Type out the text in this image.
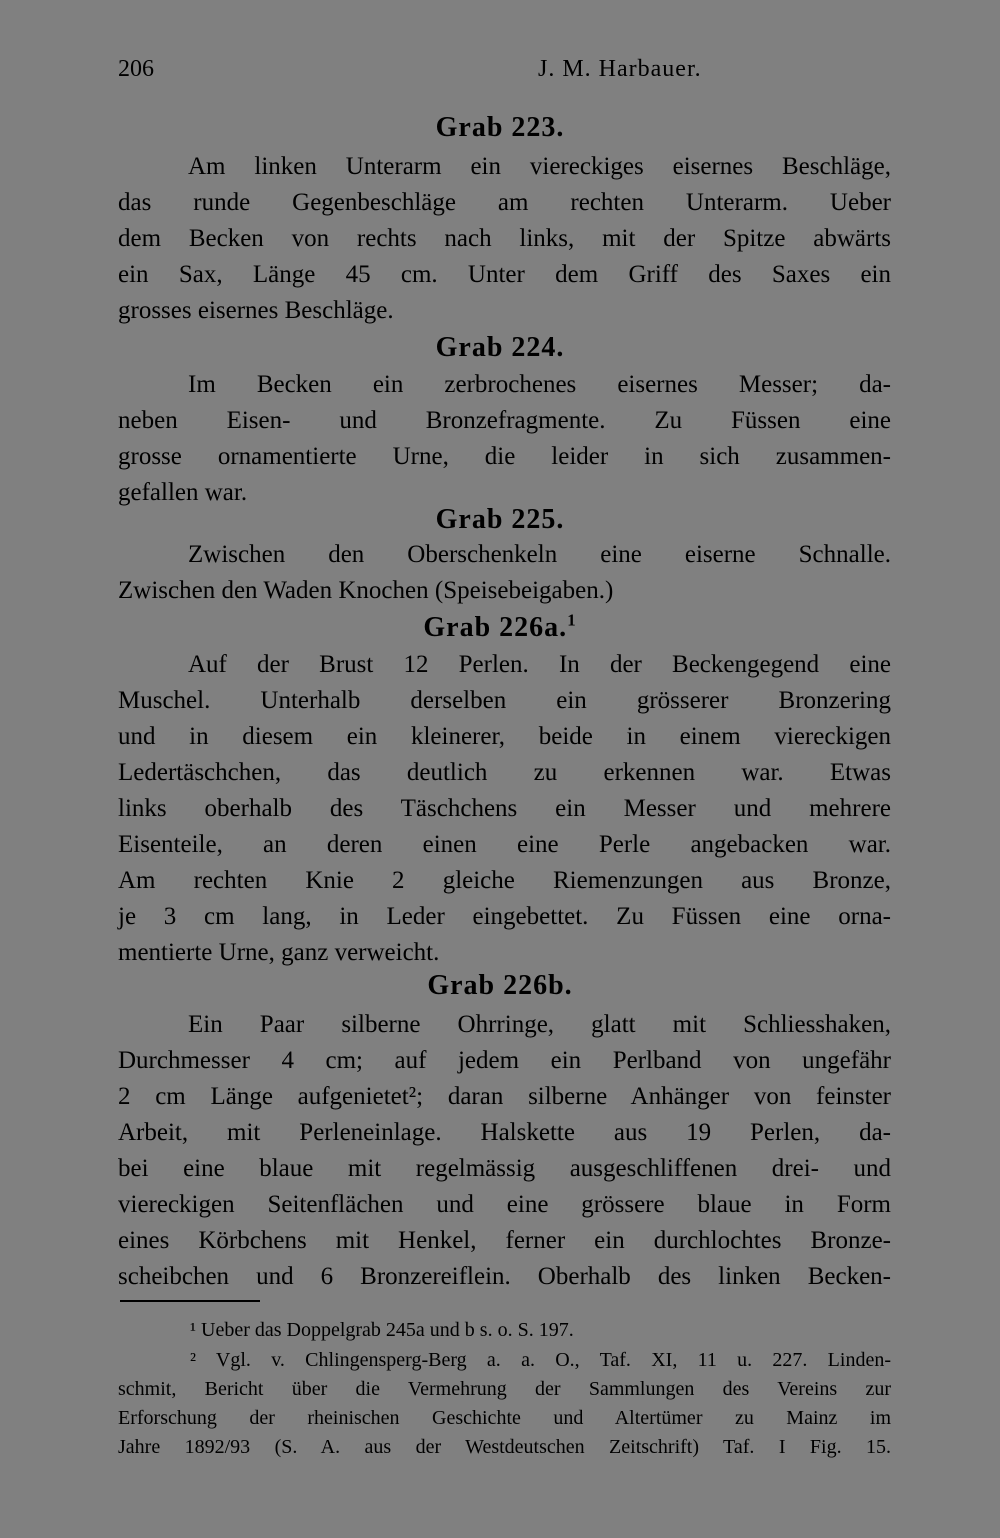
206	J. M. Harbauer.
Grab 223.
Am linken Unterarm ein viereckiges eisernes Beschläge,
das runde Gegenbeschläge am rechten Unterarm. Ueber
dem Becken von rechts nach links, mit der Spitze abwärts
ein Sax, Länge 45 cm. Unter dem Griff des Saxes ein
grosses eisernes Beschläge.
Grab 224.
Im Becken ein zerbrochenes eisernes Messer; da-
neben Eisen- und Bronzefragmente. Zu Füssen eine
grosse ornamentierte Urne, die leider in sich zusammen-
gefallen war.
Grab 225.
Zwischen den Oberschenkeln eine eiserne Schnalle.
Zwischen den Waden Knochen (Speisebeigaben.)
Grab 226a.$^1$
Auf der Brust 12 Perlen. In der Beckengegend eine
Muschel. Unterhalb derselben ein grösserer Bronzering
und in diesem ein kleinerer, beide in einem viereckigen
Ledertäschchen, das deutlich zu erkennen war. Etwas
links oberhalb des Täschchens ein Messer und mehrere
Eisenteile, an deren einen eine Perle angebacken war.
Am rechten Knie 2 gleiche Riemenzungen aus Bronze,
je 3 cm lang, in Leder eingebettet. Zu Füssen eine orna-
mentierte Urne, ganz verweicht.
Grab 226b.
Ein Paar silberne Ohrringe, glatt mit Schliesshaken,
Durchmesser 4 cm; auf jedem ein Perlband von ungefähr
2 cm Länge aufgenietet²; daran silberne Anhänger von feinster
Arbeit, mit Perleneinlage. Halskette aus 19 Perlen, da-
bei eine blaue mit regelmässig ausgeschliffenen drei- und
viereckigen Seitenflächen und eine grössere blaue in Form
eines Körbchens mit Henkel, ferner ein durchlochtes Bronze-
scheibchen und 6 Bronzereiflein. Oberhalb des linken Becken-
¹ Ueber das Doppelgrab 245a und b s. o. S. 197.
² Vgl. v. Chlingensperg-Berg a. a. O., Taf. XI, 11 u. 227. Linden-
schmit, Bericht über die Vermehrung der Sammlungen des Vereins zur
Erforschung der rheinischen Geschichte und Altertümer zu Mainz im
Jahre 1892/93 (S. A. aus der Westdeutschen Zeitschrift) Taf. I Fig. 15.
